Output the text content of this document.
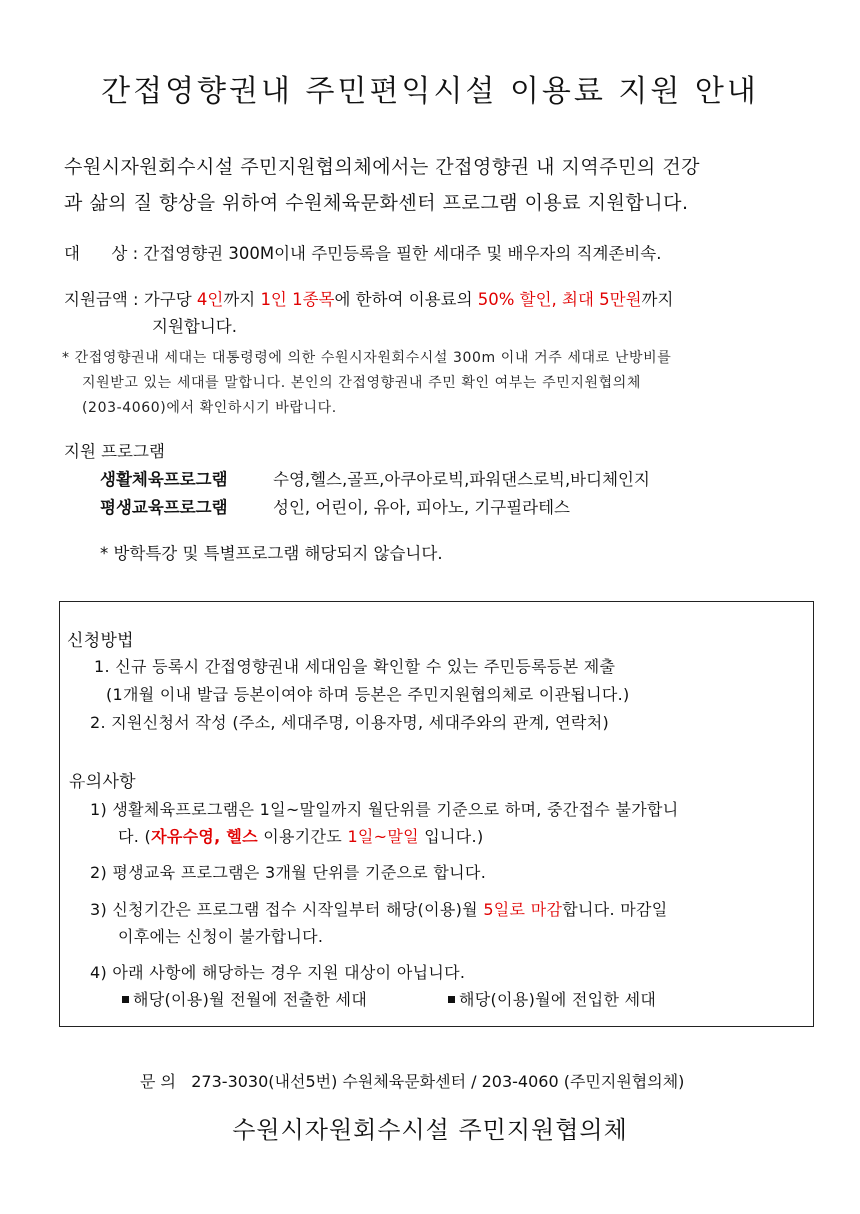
간접영향권내 주민편익시설 이용료 지원 안내
수원시자원회수시설 주민지원협의체에서는 간접영향권 내 지역주민의 건강
과 삶의 질 향상을 위하여 수원체육문화센터 프로그램 이용료 지원합니다.
대      상 : 간접영향권 300M이내 주민등록을 필한 세대주 및 배우자의 직계존비속.
지원금액 : 가구당 4인까지 1인 1종목에 한하여 이용료의 50% 할인, 최대 5만원까지
지원합니다.
* 간접영향권내 세대는 대통령령에 의한 수원시자원회수시설 300m 이내 거주 세대로 난방비를
지원받고 있는 세대를 말합니다. 본인의 간접영향권내 주민 확인 여부는 주민지원협의체
(203-4060)에서 확인하시기 바랍니다.
지원 프로그램
생활체육프로그램	수영,헬스,골프,아쿠아로빅,파워댄스로빅,바디체인지
평생교육프로그램	성인, 어린이, 유아, 피아노, 기구필라테스
* 방학특강 및 특별프로그램 해당되지 않습니다.
신청방법
1. 신규 등록시 간접영향권내 세대임을 확인할 수 있는 주민등록등본 제출
(1개월 이내 발급 등본이여야 하며 등본은 주민지원협의체로 이관됩니다.)
2. 지원신청서 작성 (주소, 세대주명, 이용자명, 세대주와의 관계, 연락처)
유의사항
1) 생활체육프로그램은 1일~말일까지 월단위를 기준으로 하며, 중간접수 불가합니
다. (자유수영, 헬스 이용기간도 1일~말일 입니다.)
2) 평생교육 프로그램은 3개월 단위를 기준으로 합니다.
3) 신청기간은 프로그램 접수 시작일부터 해당(이용)월 5일로 마감합니다. 마감일
이후에는 신청이 불가합니다.
4) 아래 사항에 해당하는 경우 지원 대상이 아닙니다.
해당(이용)월 전월에 전출한 세대	해당(이용)월에 전입한 세대
문 의   273-3030(내선5번) 수원체육문화센터 / 203-4060 (주민지원협의체)
수원시자원회수시설 주민지원협의체
